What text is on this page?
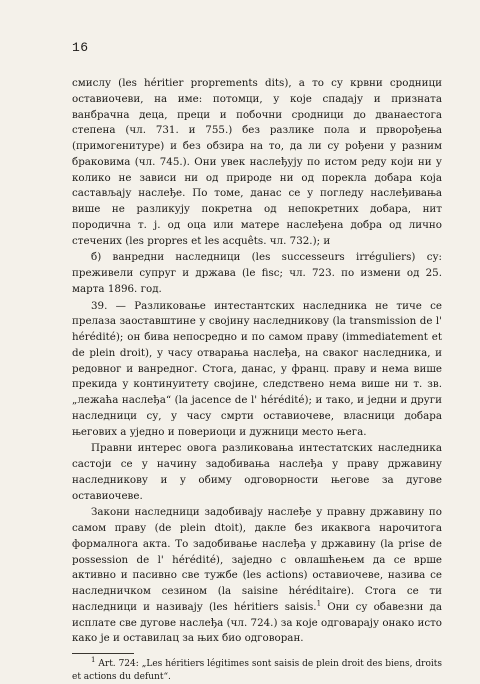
16

смислу (les héritier proprements dits), а то су крвни сродници оставиочеви, на име: потомци, у које спадају и призната ванбрачна деца, преци и побочни сродници до дванаестога степена (чл. 731. и 755.) без разлике пола и прворођења (примогенитуре) и без обзира на то, да ли су рођени у разним браковима (чл. 745.). Они увек наслеђују по истом реду који ни у колико не зависи ни од природе ни од порекла добара која састављају наслеђе. По томе, данас се у погледу наслеђивања више не разликују покретна од непокретних добара, нит породична т. ј. од оца или матере наслеђена добра од лично стечених (les propres et les acquêts. чл. 732.); и

б) ванредни наследници (les successeurs irréguliers) су: преживели супруг и држава (le fisc; чл. 723. по измени од 25. марта 1896. год.

39. — Разликовање интестантских наследника не тиче се прелаза заоставштине у својину наследникову (la transmission de l' hérédité); он бива непосредно и по самом праву (immediatement et de plein droit), у часу отварања наслеђа, на сваког наследника, и редовног и ванредног. Стога, данас, у франц. праву и нема више прекида у континуитету својине, следствено нема више ни т. зв. „лежаћа наслеђа“ (la jacence de l' hérédité); и тако, и једни и други наследници су, у часу смрти оставиочеве, власници добара његових а уједно и повериоци и дужници место њега.

Правни интерес овога разликовања интестатских наследника састоји се у начину задобивања наслеђа у праву државину наследникову и у обиму одговорности његове за дугове оставиочеве.

Закони наследници задобивају наслеђе у правну државину по самом праву (de plein dtoit), дакле без икаквога нарочитога формалнога акта. То задобивање наслеђа у државину (la prise de possession de l' hérédité), заједно с овлашћењем да се врше активно и пасивно све тужбе (les actions) оставиочеве, назива се наследничком сезином (la saisine héréditaire). Стога се ти наследници и називају (les héritiers saisis.$^1$ Они су обавезни да исплате све дугове наслеђа (чл. 724.) за које одговарају онако исто како је и оставилац за њих био одговоран.

$^1$ Art. 724: „Les héritiers légitimes sont saisis de plein droit des biens, droits et actions du defunt“.
